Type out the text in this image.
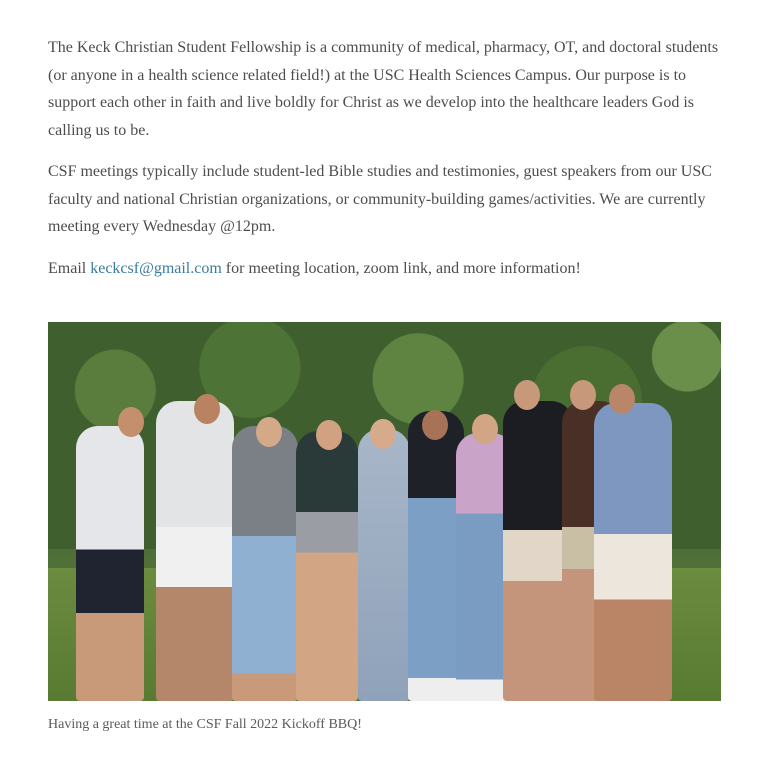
The Keck Christian Student Fellowship is a community of medical, pharmacy, OT, and doctoral students (or anyone in a health science related field!) at the USC Health Sciences Campus. Our purpose is to support each other in faith and live boldly for Christ as we develop into the healthcare leaders God is calling us to be.

CSF meetings typically include student-led Bible studies and testimonies, guest speakers from our USC faculty and national Christian organizations, or community-building games/activities. We are currently meeting every Wednesday @12pm.

Email keckcsf@gmail.com for meeting location, zoom link, and more information!

Having a great time at the CSF Fall 2022 Kickoff BBQ!
